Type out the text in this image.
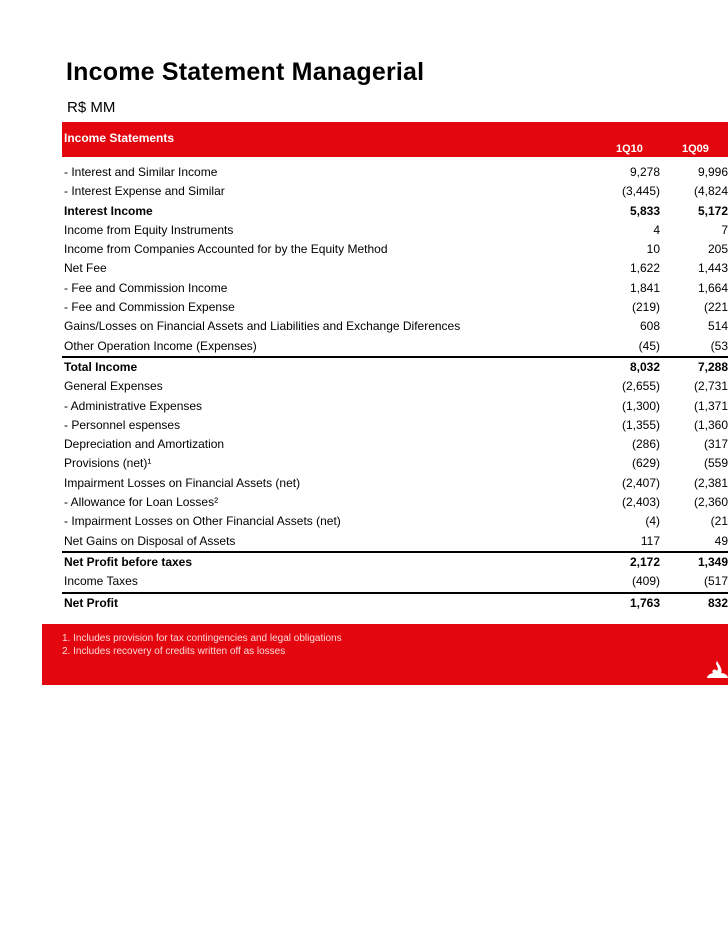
Income Statement Managerial
R$ MM
Income Statements
1Q10	1Q09
- Interest and Similar Income	9,278	9,996
- Interest Expense and Similar	(3,445)	(4,824
Interest Income	5,833	5,172
Income from Equity Instruments	4	7
Income from Companies Accounted for by the Equity Method	10	205
Net Fee	1,622	1,443
- Fee and Commission Income	1,841	1,664
- Fee and Commission Expense	(219)	(221
Gains/Losses on Financial Assets and Liabilities and Exchange Diferences	608	514
Other Operation Income (Expenses)	(45)	(53
Total Income	8,032	7,288
General Expenses	(2,655)	(2,731
- Administrative Expenses	(1,300)	(1,371
- Personnel espenses	(1,355)	(1,360
Depreciation and Amortization	(286)	(317
Provisions (net)¹	(629)	(559
Impairment Losses on Financial Assets (net)	(2,407)	(2,381
- Allowance for Loan Losses²	(2,403)	(2,360
- Impairment Losses on Other Financial Assets (net)	(4)	(21
Net Gains on Disposal of Assets	117	49
Net Profit before taxes	2,172	1,349
Income Taxes	(409)	(517
Net Profit	1,763	832
1. Includes provision for tax contingencies and legal obligations
2. Includes recovery of credits written off as losses
